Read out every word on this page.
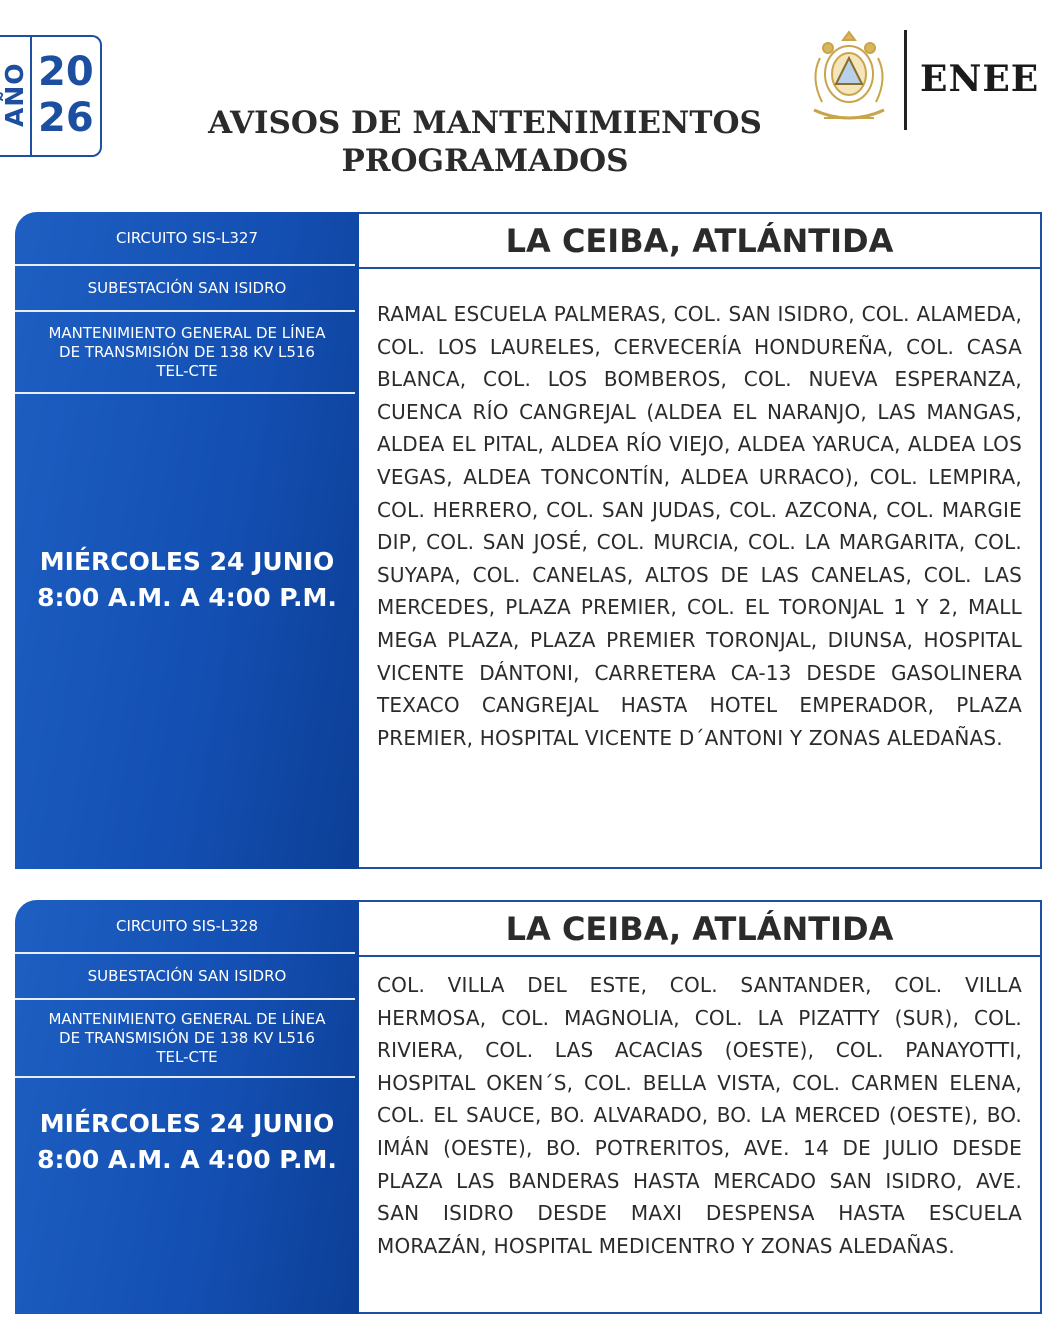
AÑO 20
26	AVISOS DE MANTENIMIENTOS
PROGRAMADOS
ENEE
CIRCUITO SIS-L327
SUBESTACIÓN SAN ISIDRO
MANTENIMIENTO GENERAL DE LÍNEA
DE TRANSMISIÓN DE 138 KV L516
TEL-CTE
MIÉRCOLES 24 JUNIO
8:00 A.M. A 4:00 P.M.
LA CEIBA, ATLÁNTIDA
RAMAL ESCUELA PALMERAS, COL. SAN ISIDRO, COL. ALAMEDA, COL. LOS LAURELES, CERVECERÍA HONDUREÑA, COL. CASA BLANCA, COL. LOS BOMBEROS, COL. NUEVA ESPERANZA, CUENCA RÍO CANGREJAL (ALDEA EL NARANJO, LAS MANGAS, ALDEA EL PITAL, ALDEA RÍO VIEJO, ALDEA YARUCA, ALDEA LOS VEGAS, ALDEA TONCONTÍN, ALDEA URRACO), COL. LEMPIRA, COL. HERRERO, COL. SAN JUDAS, COL. AZCONA, COL. MARGIE DIP, COL. SAN JOSÉ, COL. MURCIA, COL. LA MARGARITA, COL. SUYAPA, COL. CANELAS, ALTOS DE LAS CANELAS, COL. LAS MERCEDES, PLAZA PREMIER, COL. EL TORONJAL 1 Y 2, MALL MEGA PLAZA, PLAZA PREMIER TORONJAL, DIUNSA, HOSPITAL VICENTE DÁNTONI, CARRETERA CA-13 DESDE GASOLINERA TEXACO CANGREJAL HASTA HOTEL EMPERADOR, PLAZA PREMIER, HOSPITAL VICENTE D´ANTONI Y ZONAS ALEDAÑAS.
CIRCUITO SIS-L328
SUBESTACIÓN SAN ISIDRO
MANTENIMIENTO GENERAL DE LÍNEA
DE TRANSMISIÓN DE 138 KV L516
TEL-CTE
MIÉRCOLES 24 JUNIO
8:00 A.M. A 4:00 P.M.
LA CEIBA, ATLÁNTIDA
COL. VILLA DEL ESTE, COL. SANTANDER, COL. VILLA HERMOSA, COL. MAGNOLIA, COL. LA PIZATTY (SUR), COL. RIVIERA, COL. LAS ACACIAS (OESTE), COL. PANAYOTTI, HOSPITAL OKEN´S, COL. BELLA VISTA, COL. CARMEN ELENA, COL. EL SAUCE, BO. ALVARADO, BO. LA MERCED (OESTE), BO. IMÁN (OESTE), BO. POTRERITOS, AVE. 14 DE JULIO DESDE PLAZA LAS BANDERAS HASTA MERCADO SAN ISIDRO, AVE. SAN ISIDRO DESDE MAXI DESPENSA HASTA ESCUELA MORAZÁN, HOSPITAL MEDICENTRO Y ZONAS ALEDAÑAS.
